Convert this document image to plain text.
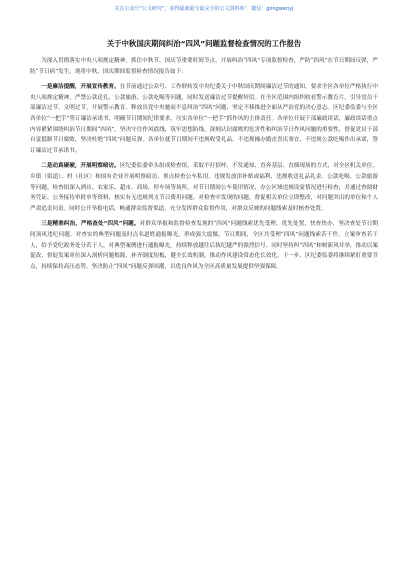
关注公众号“公文研究”，获得最新最全最完全的公文资料库！ 微信：gongwenyj
关于中秋国庆期间纠治“四风”问题监督检查情况的工作报告

为深入贯彻落实中央八项规定精神，抓住中秋节、国庆节重要时间节点，开展纠治“四风”专项监督检查，严防“四风”在节日期间反弹，严防“节日病”发生，现将中秋、国庆期间监督检查情况报告如下：

一是廉洁提醒，开展宣传教育。在节前通过公众号、工作群转发中央纪委关于中秋国庆期间廉洁过节的通知，要求全区各单位严格执行中央八项规定精神，严禁公款送礼、公款旅游、公款吃喝等问题，同时发送廉洁过节提醒短信。在全区范围内组织收看警示教育片，引导党员干部廉洁过节、文明过节，开展警示教育，释放出党中央驰而不息纠治“四风”问题、坚定不移推进全面从严治党的决心意志。区纪委监委与全区各单位“一把手”签订廉洁承诺书，明确节日期间纪律要求，压实各单位“一把手”抓作风的主体责任。各单位开展干部廉政谈话，廉政谈话重点内容紧紧围绕纠治节日期间“四风”，坚决守住作风底线，筑牢思想防线。深刻认识腐败的危害性和纠治节日作风问题的重要性，督促党员干部自觉抵制节日腐败，坚决杜绝“四风”问题反弹。各单位就节日期间不违规收受礼品、不违规操办婚丧喜庆事宜、不违规公款吃喝作出承诺，签订廉洁过节承诺书。

二是动真碰硬，开展明察暗访。区纪委监委牵头组成检查组，采取不打招呼、不发通知、直奔基层、直插现场的方式，对全区机关单位、乡镇（街道）、村（社区）和国有企业开展明察暗访，重点检查公车私用、违规发放津补贴或福利、违规收送礼品礼金、公款吃喝、公款旅游等问题。检查组深入酒店、农家乐、超市、商场、停车场等场所，对节日期间公车使用情况、办公区域违规设宴情况进行检查，并通过查阅财务凭证、公务接待审批单等资料，核实有无违规列支节日费用问题。对检查中发现的问题，督促相关单位立即整改，对问题突出的单位和个人严肃追责问责。同时公开举报电话，畅通群众监督渠道，充分发挥群众监督作用，对群众反映的问题线索及时核查处置。

三是精准纠治，严格查处“四风”问题。对群众举报和监督检查发现的“四风”问题线索优先受理、优先处置，快查快办，坚决查处节日期间顶风违纪问题。对查实的典型问题及时点名道姓通报曝光，形成强大震慑。节日期间，全区共受理“四风”问题线索若干件，立案审查若干人，给予党纪政务处分若干人，对典型案例进行通报曝光，持续释放越往后执纪越严的强烈信号。同时坚持纠“四风”和树新风并举，推动以案促改，督促发案单位深入剖析问题根源，补齐制度短板，健全长效机制，推动作风建设常态化长效化。下一步，区纪委监委将继续紧盯重要节点，持续保持高压态势，坚决防止“四风”问题反弹回潮，以优良作风为全区高质量发展提供坚强保障。
